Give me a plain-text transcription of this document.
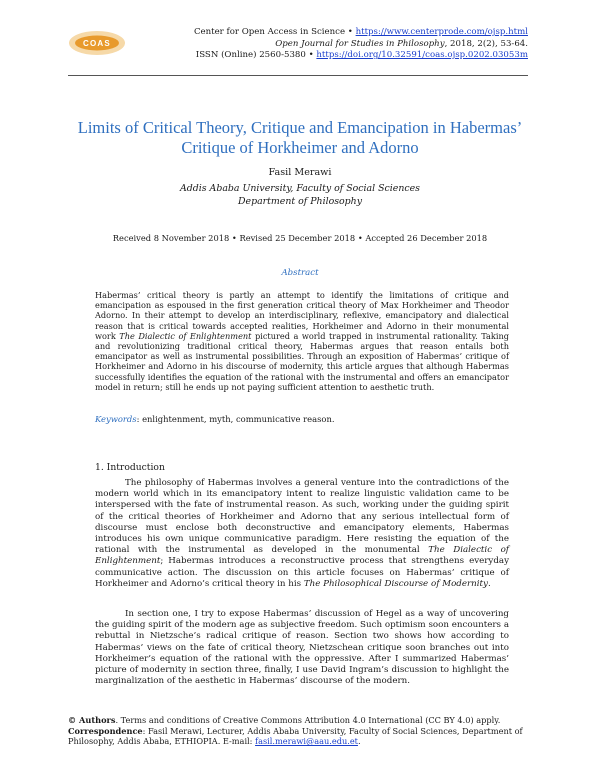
COAS
Center for Open Access in Science • https://www.centerprode.com/ojsp.html
Open Journal for Studies in Philosophy, 2018, 2(2), 53-64.
ISSN (Online) 2560-5380 • https://doi.org/10.32591/coas.ojsp.0202.03053m
Limits of Critical Theory, Critique and Emancipation in Habermas’ Critique of Horkheimer and Adorno
Fasil Merawi
Addis Ababa University, Faculty of Social Sciences
Department of Philosophy
Received 8 November 2018 • Revised 25 December 2018 • Accepted 26 December 2018
Abstract

Habermas’ critical theory is partly an attempt to identify the limitations of critique and emancipation as espoused in the first generation critical theory of Max Horkheimer and Theodor Adorno. In their attempt to develop an interdisciplinary, reflexive, emancipatory and dialectical reason that is critical towards accepted realities, Horkheimer and Adorno in their monumental work The Dialectic of Enlightenment pictured a world trapped in instrumental rationality. Taking and revolutionizing traditional critical theory, Habermas argues that reason entails both emancipator as well as instrumental possibilities. Through an exposition of Habermas’ critique of Horkheimer and Adorno in his discourse of modernity, this article argues that although Habermas successfully identifies the equation of the rational with the instrumental and offers an emancipator model in return; still he ends up not paying sufficient attention to aesthetic truth.

Keywords: enlightenment, myth, communicative reason.
1. Introduction

The philosophy of Habermas involves a general venture into the contradictions of the modern world which in its emancipatory intent to realize linguistic validation came to be interspersed with the fate of instrumental reason. As such, working under the guiding spirit of the critical theories of Horkheimer and Adorno that any serious intellectual form of discourse must enclose both deconstructive and emancipatory elements, Habermas introduces his own unique communicative paradigm. Here resisting the equation of the rational with the instrumental as developed in the monumental The Dialectic of Enlightenment; Habermas introduces a reconstructive process that strengthens everyday communicative action. The discussion on this article focuses on Habermas’ critique of Horkheimer and Adorno’s critical theory in his The Philosophical Discourse of Modernity.

In section one, I try to expose Habermas’ discussion of Hegel as a way of uncovering the guiding spirit of the modern age as subjective freedom. Such optimism soon encounters a rebuttal in Nietzsche’s radical critique of reason. Section two shows how according to Habermas’ views on the fate of critical theory, Nietzschean critique soon branches out into Horkheimer’s equation of the rational with the oppressive. After I summarized Habermas’ picture of modernity in section three, finally, I use David Ingram’s discussion to highlight the marginalization of the aesthetic in Habermas’ discourse of the modern.

© Authors. Terms and conditions of Creative Commons Attribution 4.0 International (CC BY 4.0) apply.
Correspondence: Fasil Merawi, Lecturer, Addis Ababa University, Faculty of Social Sciences, Department of Philosophy, Addis Ababa, ETHIOPIA. E-mail: fasil.merawi@aau.edu.et.
